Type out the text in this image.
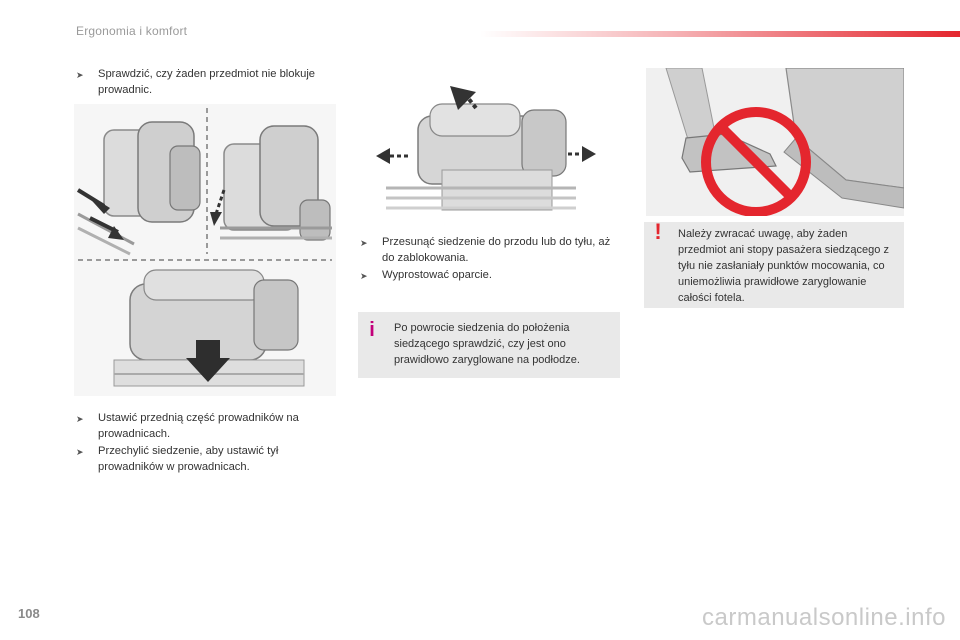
Ergonomia i komfort
➤	Sprawdzić, czy żaden przedmiot nie blokuje prowadnic.
➤	Ustawić przednią część prowadników na prowadnicach.
➤	Przechylić siedzenie, aby ustawić tył prowadników w prowadnicach.
➤	Przesunąć siedzenie do przodu lub do tyłu, aż do zablokowania.
➤	Wyprostować oparcie.
i Po powrocie siedzenia do położenia siedzącego sprawdzić, czy jest ono prawidłowo zaryglowane na podłodze.
! Należy zwracać uwagę, aby żaden przedmiot ani stopy pasażera siedzącego z tyłu nie zasłaniały punktów mocowania, co uniemożliwia prawidłowe zaryglowanie całości fotela.
108	carmanualsonline.info
